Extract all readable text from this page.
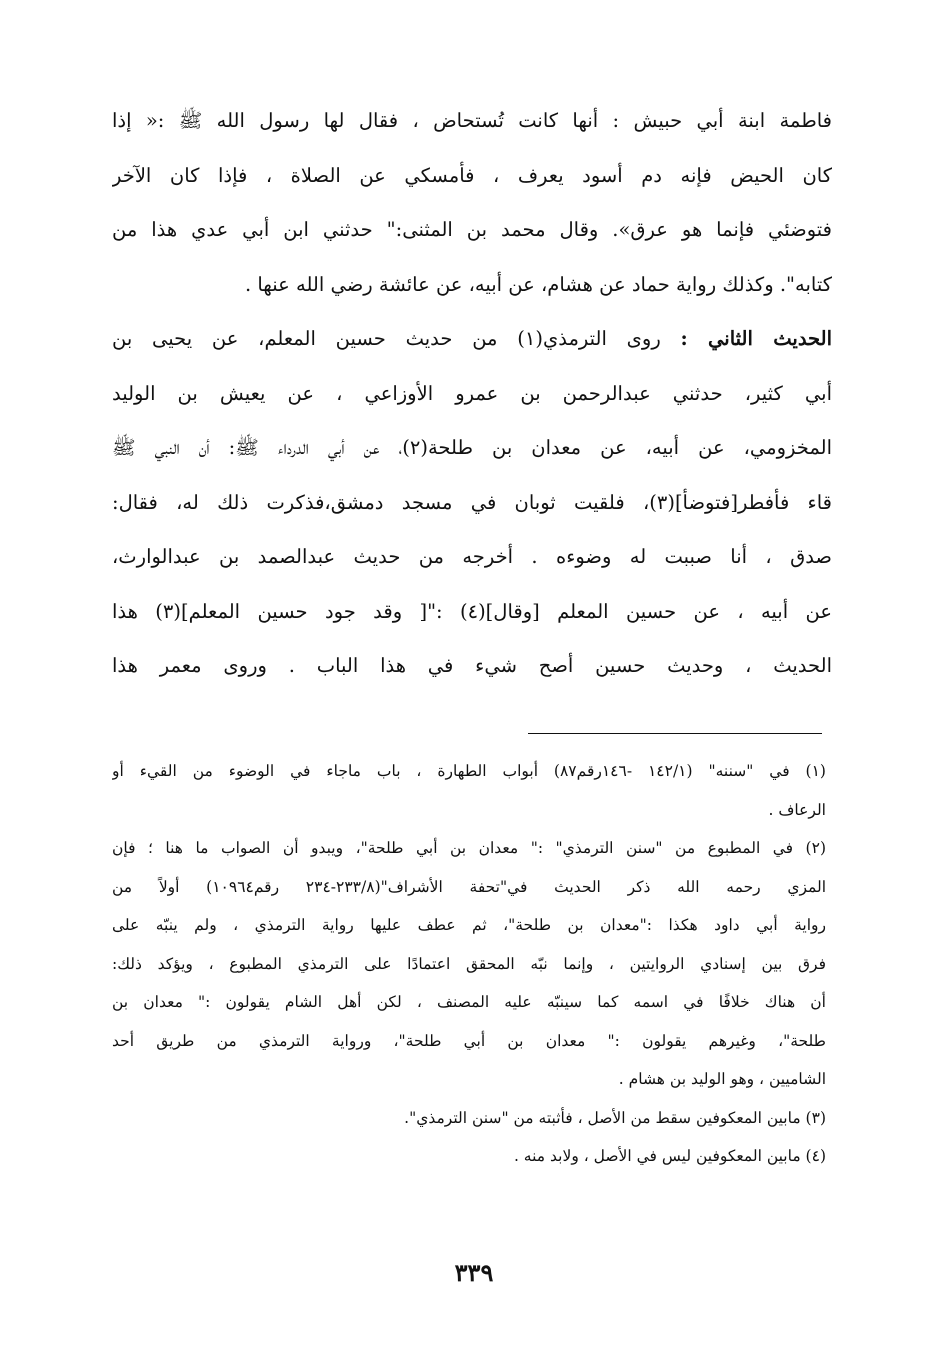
فاطمة ابنة أبي حبيش : أنها كانت تُستحاض ، فقال لها رسول الله ﷺ :« إذا
كان الحيض فإنه دم أسود يعرف ، فأمسكي عن الصلاة ، فإذا كان الآخر
فتوضئي فإنما هو عرق». وقال محمد بن المثنى:" حدثني ابن أبي عدي هذا من
كتابه". وكذلك رواية حماد عن هشام، عن أبيه، عن عائشة رضي الله عنها .
الحديث الثاني : روى الترمذي(١) من حديث حسين المعلم، عن يحيى بن
أبي كثير، حدثني عبدالرحمن بن عمرو الأوزاعي ، عن يعيش بن الوليد
المخزومي، عن أبيه، عن معدان بن طلحة(٢)، عن أبي الدرداء ﷺ: أن النبي ﷺ
قاء فأفطر[فتوضأ](٣)، فلقيت ثوبان في مسجد دمشق،فذكرت ذلك له، فقال:
صدق ، أنا صببت له وضوءه . أخرجه من حديث عبدالصمد بن عبدالوارث،
عن أبيه ، عن حسين المعلم [وقال](٤) :"[ وقد جود حسين المعلم](٣) هذا
الحديث ، وحديث حسين أصح شيء في هذا الباب . وروى معمر هذا
(١) في "سننه" (١٤٢/١ -١٤٦رقم٨٧) أبواب الطهارة ، باب ماجاء في الوضوء من القيء أو
الرعاف .
(٢) في المطبوع من "سنن الترمذي" :" معدان بن أبي طلحة"، ويبدو أن الصواب ما هنا ؛ فإن
المزي رحمه الله ذكر الحديث في"تحفة الأشراف"(٢٣٣/٨-٢٣٤ رقم١٠٩٦٤) أولاً من
رواية أبي داود هكذا :"معدان بن طلحة"، ثم عطف عليها رواية الترمذي ، ولم ينبّه على
فرق بين إسنادي الروايتين ، وإنما نبّه المحقق اعتمادًا على الترمذي المطبوع ، ويؤكد ذلك:
أن هناك خلافًا في اسمه كما سينبّه عليه المصنف ، لكن أهل الشام يقولون :" معدان بن
طلحة"، وغيرهم يقولون :" معدان بن أبي طلحة"، ورواية الترمذي من طريق أحد
الشاميين ، وهو الوليد بن هشام .
(٣) مابين المعكوفين سقط من الأصل ، فأثبته من "سنن الترمذي".
(٤) مابين المعكوفين ليس في الأصل ، ولابد منه .
٣٣٩
